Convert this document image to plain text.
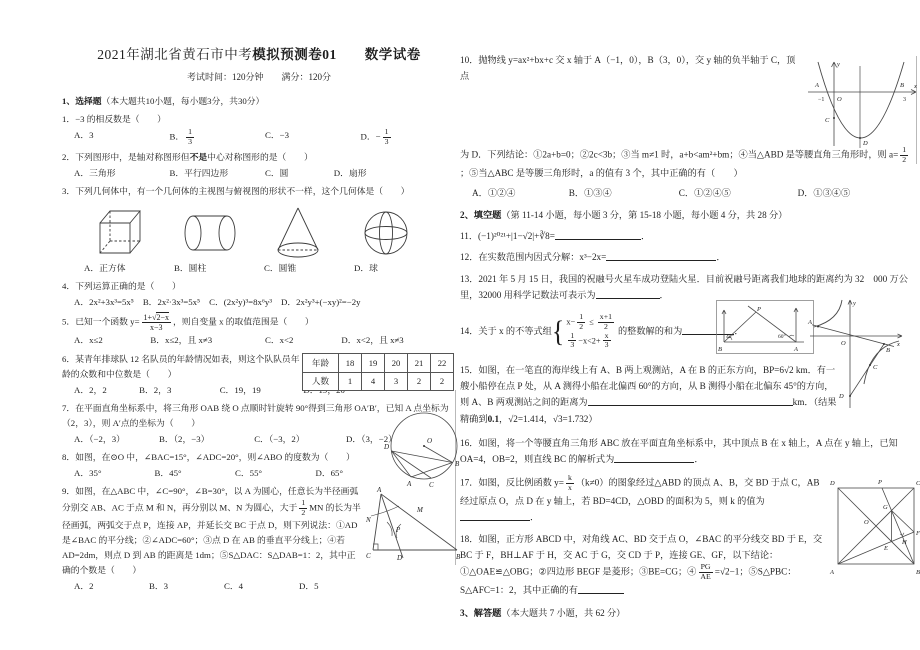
2021年湖北省黄石市中考模拟预测卷01　　数学试卷
考试时间：120分钟　　满分：120分
1、选择题（本大题共10小题，每小题3分，共30分）
1．−3 的相反数是（　　）
A．3	B． $\frac{1}{3}$	C．−3	D．− $\frac{1}{3}$
2．下列图形中，是轴对称图形但不是中心对称图形的是（　　）
A．三角形	B．平行四边形	C．圆	D．扇形
3．下列几何体中，有一个几何体的主视图与俯视图的形状不一样，这个几何体是（　　）
A．正方体	B．圆柱	C．圆锥	D．球
4．下列运算正确的是（　　）
A．2x²+3x³=5x⁵ B．2x²·3x³=5x⁵ C．(2x²y)³=8x⁶y³ D．2x²y³+(−xy)²=−2y
5．已知一个函数 $y= \frac{1+√2-x}{x-3}$ ，则自变量 x 的取值范围是（　　）
A．x≤2	B．x≤2，且 x≠3	C．x<2	D．x<2，且 x≠3
6．某青年排球队 12 名队员的年龄情况如表，则这个队队员年龄的众数和中位数是（　　）
年龄	18	19	20	21	22
人数	1	4	3	2	2
A．2，2	B．2，3	C．19，19
7．在平面直角坐标系中，将三角形 OAB 绕 O 点顺时针旋转 90°得到三角形 OA′B′，已知 A 点坐标为（2，3），则 A′点的坐标为（　　）
A．（−2，3）	B．（2，−3）	C．（−3，2）	D．（3，−2）
8．如图，在⊙O 中，∠BAC=15°，∠ADC=20°，则∠ABO 的度数为（　　）
A．35°	B．45°	C．55°	D．65°
9．如图，在△ABC 中，∠C=90°，∠B=30°，以 A 为圆心，任意长为半径画弧分别交 AB、AC 于点 M 和 N，再分别以 M、N 为圆心，大于 $\frac{1}{2}$ MN 的长为半径画弧，两弧交于点 P，连接 AP，并延长交 BC 于点 D，则下列说法：①AD 是∠BAC 的平分线；②∠ADC=60°；③点 D 在 AB 的垂直平分线上；④若 AD=2dm，则点 D 到 AB 的距离是 1dm；⑤S△DAC：S△DAB=1：2，其中正确的个数是（　　）
A．2	B．3	C．4	D．5
O
D
B
A	C
A
M
N
P
C	D	B
10．抛物线 y=ax²+bx+c 交 x 轴于 A（−1，0），B（3，0），交 y 轴的负半轴于 C，顶点
为 D．下列结论：①2a+b=0；②2c<3b；③当 m≠1 时，a+b<am²+bm；④当△ABD 是等腰直角三角形时，则 $a= \frac{1}{2}$
；⑤当△ABC 是等腰三角形时，a 的值有 3 个，其中正确的有（　　）
A．①②④	B．①③④	C．①②④⑤	D．①③④⑤
2、填空题（第 11-14 小题，每小题 3 分，第 15-18 小题，每小题 4 分，共 28 分）
11．(−1)²⁰²¹+|1−√2|+∛8=	．
12．在实数范围内因式分解：x³−2x=	．
13．2021 年 5 月 15 日，我国的祝融号火星车成功登陆火星．目前祝融号距离我们地球的距离约为 32　000 万公里，32000 用科学记数法可表示为	．
14．关于 x 的不等式组{ $x- \frac{1}{2} \le \frac{x+1}{2}$
$\frac{1}{3} -x<2+ \frac{x}{3}$
的整数解的和为	．
15．如图，在一笔直的海岸线上有 A、B 两上观测站，A 在 B 的正东方向，BP=6√2 km．有一艘小船停在点 P 处，从 A 测得小船在北偏西 60°的方向，从 B 测得小船在北偏东 45°的方向，则 A、B 两观测站之间的距离为	km．（结果精确到0.1，√2=1.414，√3=1.732）
16．如图，将一个等腰直角三角形 ABC 放在平面直角坐标系中，其中顶点 B 在 x 轴上，A 点在 y 轴上，已知 OA=4，OB=2，则直线 BC 的解析式为	．
17．如图，反比例函数 $y= \frac{k}{x} (k\ne 0)$的图象经过△ABD 的顶点 A、B，交 BD 于点 C，AB 经过原点 O，点 D 在 y 轴上，若 BD=4CD，△OBD 的面积为 5，则 k 的值为．
18．如图，正方形 ABCD 中，对角线 AC、BD 交于点 O，∠BAC 的平分线交 BD 于 E，交 BC 于 F，BH⊥AF 于 H，交 AC 于 G，交 CD 于 P，连接 GE、GF，以下结论：①△OAE≌△OBG；②四边形 BEGF 是菱形；③BE=CG；④ $\frac{PG}{AE} =√2-1$；⑤S△PBC：S△AFC=1：2，其中正确的有
3、解答题（本大题共 7 小题，共 62 分）
y
A
−1 O
B
3
x
C
D
P
45°	60°
B	A
y
A
O	x
B
C
D
D	P	C
G
O
F
H
E
A	B
